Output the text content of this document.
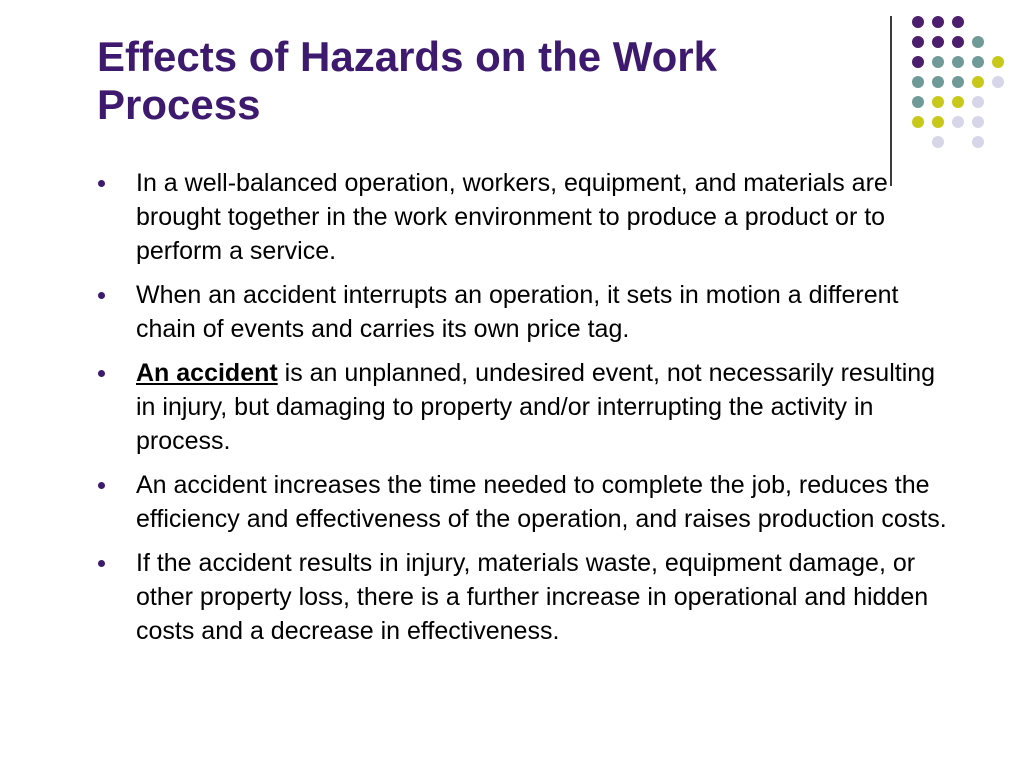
Effects of Hazards on the Work Process
In a well-balanced operation, workers, equipment, and materials are brought together in the work environment to produce a product or to perform a service.
When an accident interrupts an operation, it sets in motion a different chain of events and carries its own price tag.
An accident is an unplanned, undesired event, not necessarily resulting in injury, but damaging to property and/or interrupting the activity in process.
An accident increases the time needed to complete the job, reduces the efficiency and effectiveness of the operation, and raises production costs.
If the accident results in injury, materials waste, equipment damage, or other property loss, there is a further increase in operational and hidden costs and a decrease in effectiveness.
